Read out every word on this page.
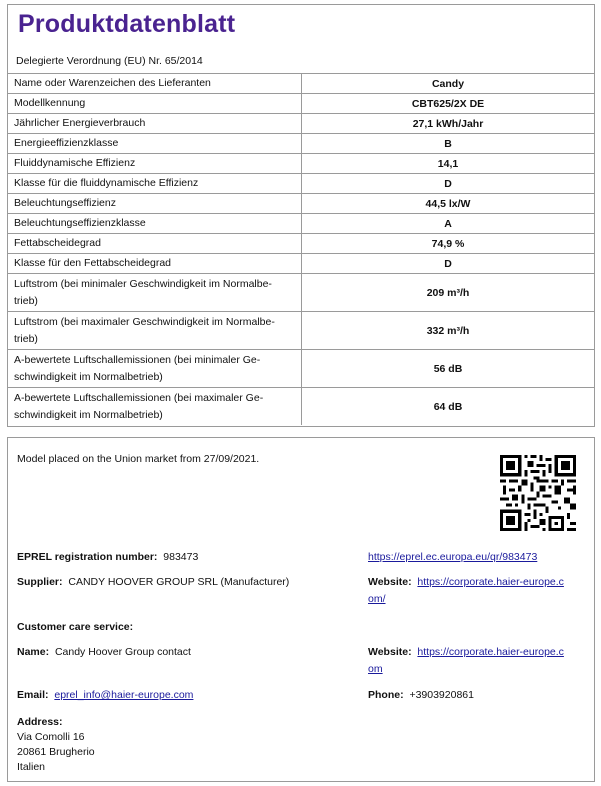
Produktdatenblatt
Delegierte Verordnung (EU) Nr. 65/2014
Name oder Warenzeichen des Lieferanten	Candy
Modellkennung	CBT625/2X DE
Jährlicher Energieverbrauch	27,1 kWh/Jahr
Energieeffizienzklasse	B
Fluiddynamische Effizienz	14,1
Klasse für die fluiddynamische Effizienz	D
Beleuchtungseffizienz	44,5 lx/W
Beleuchtungseffizienzklasse	A
Fettabscheidegrad	74,9 %
Klasse für den Fettabscheidegrad	D
Luftstrom (bei minimaler Geschwindigkeit im Normalbe-
trieb)	209 m³/h
Luftstrom (bei maximaler Geschwindigkeit im Normalbe-
trieb)	332 m³/h
A-bewertete Luftschallemissionen (bei minimaler Ge-
schwindigkeit im Normalbetrieb)	56 dB
A-bewertete Luftschallemissionen (bei maximaler Ge-
schwindigkeit im Normalbetrieb)	64 dB
Model placed on the Union market from 27/09/2021.
EPREL registration number: 983473	https://eprel.ec.europa.eu/qr/983473
Supplier: CANDY HOOVER GROUP SRL (Manufacturer)	Website: https://corporate.haier-europe.c
om/
Customer care service:
Name: Candy Hoover Group contact	Website: https://corporate.haier-europe.c
om
Email: eprel_info@haier-europe.com	Phone: +3903920861
Address:
Via Comolli 16
20861 Brugherio
Italien
